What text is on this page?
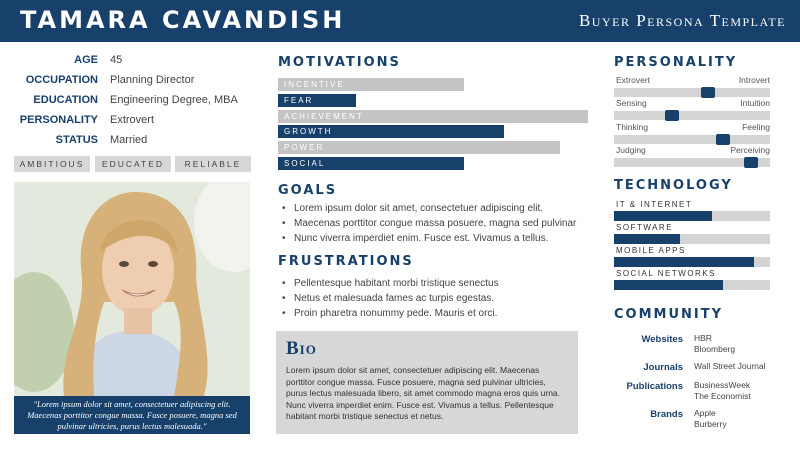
TAMARA CAVANDISH	Buyer Persona Template
AGE 45
OCCUPATION Planning Director
EDUCATION Engineering Degree, MBA
PERSONALITY Extrovert
STATUS Married
AMBITIOUS	EDUCATED	RELIABLE
"Lorem ipsum dolor sit amet, consectetuer adipiscing elit. Maecenas porttitor congue massa. Fusce posuere, magna sed pulvinar ultricies, purus lectus malesuada."
MOTIVATIONS
INCENTIVE
FEAR
ACHIEVEMENT
GROWTH
POWER
SOCIAL
GOALS
• Lorem ipsum dolor sit amet, consectetuer adipiscing elit.
• Maecenas porttitor congue massa posuere, magna sed pulvinar
• Nunc viverra imperdiet enim. Fusce est. Vivamus a tellus.
FRUSTRATIONS
• Pellentesque habitant morbi tristique senectus
• Netus et malesuada fames ac turpis egestas.
• Proin pharetra nonummy pede. Mauris et orci.
Bio
Lorem ipsum dolor sit amet, consectetuer adipiscing elit. Maecenas porttitor congue massa. Fusce posuere, magna sed pulvinar ultricies, purus lectus malesuada libero, sit amet commodo magna eros quis urna. Nunc viverra imperdiet enim. Fusce est. Vivamus a tellus. Pellentesque habitant morbi tristique senectus et netus.
PERSONALITY
Extrovert	Introvert
Sensing	Intuition
Thinking	Feeling
Judging	Perceiving
TECHNOLOGY
IT & INTERNET
SOFTWARE
MOBILE APPS
SOCIAL NETWORKS
COMMUNITY
Websites HBR
Bloomberg
Journals Wall Street Journal
Publications BusinessWeek
The Economist
Brands Apple
Burberry
